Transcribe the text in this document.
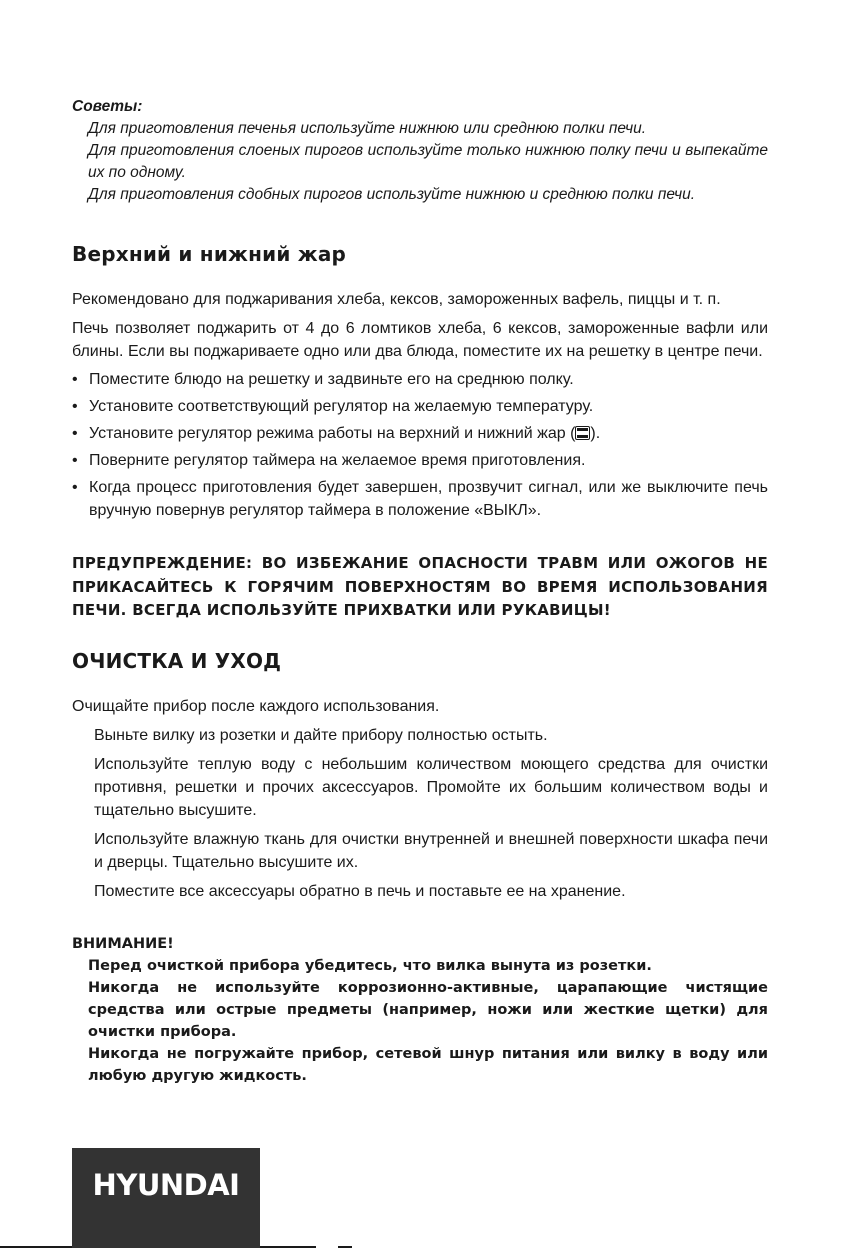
Советы:

Для приготовления печенья используйте нижнюю или среднюю полки печи.

Для приготовления слоеных пирогов используйте только нижнюю полку печи и выпекайте их по одному.

Для приготовления сдобных пирогов используйте нижнюю и среднюю полки печи.

Верхний и нижний жар

Рекомендовано для поджаривания хлеба, кексов, замороженных вафель, пиццы и т. п.

Печь позволяет поджарить от 4 до 6 ломтиков хлеба, 6 кексов, замороженные вафли или блины. Если вы поджариваете одно или два блюда, поместите их на решетку в центре печи.

• Поместите блюдо на решетку и задвиньте его на среднюю полку.
• Установите соответствующий регулятор на желаемую температуру.
• Установите регулятор режима работы на верхний и нижний жар ( ).
• Поверните регулятор таймера на желаемое время приготовления.
• Когда процесс приготовления будет завершен, прозвучит сигнал, или же выключите печь вручную повернув регулятор таймера в положение «ВЫКЛ».

ПРЕДУПРЕЖДЕНИЕ: ВО ИЗБЕЖАНИЕ ОПАСНОСТИ ТРАВМ ИЛИ ОЖОГОВ НЕ ПРИКАСАЙТЕСЬ К ГОРЯЧИМ ПОВЕРХНОСТЯМ ВО ВРЕМЯ ИСПОЛЬЗОВАНИЯ ПЕЧИ. ВСЕГДА ИСПОЛЬЗУЙТЕ ПРИХВАТКИ ИЛИ РУКАВИЦЫ!

ОЧИСТКА И УХОД

Очищайте прибор после каждого использования.

Выньте вилку из розетки и дайте прибору полностью остыть.

Используйте теплую воду с небольшим количеством моющего средства для очистки противня, решетки и прочих аксессуаров. Промойте их большим количеством воды и тщательно высушите.

Используйте влажную ткань для очистки внутренней и внешней поверхности шкафа печи и дверцы. Тщательно высушите их.

Поместите все аксессуары обратно в печь и поставьте ее на хранение.

ВНИМАНИЕ!

Перед очисткой прибора убедитесь, что вилка вынута из розетки.

Никогда не используйте коррозионно-активные, царапающие чистящие средства или острые предметы (например, ножи или жесткие щетки) для очистки прибора.

Никогда не погружайте прибор, сетевой шнур питания или вилку в воду или любую другую жидкость.

HYUNDAI
